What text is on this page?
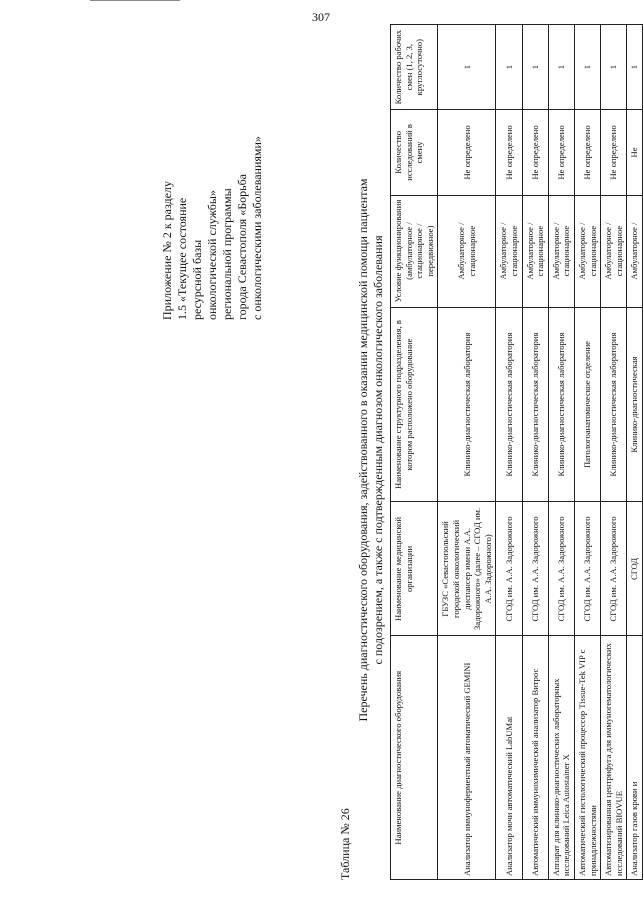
307
Приложение № 2 к разделу 1.5 «Текущее состояние ресурсной базы онкологической службы» региональной программы города Севастополя «Борьба с онкологическими заболеваниями»
Таблица № 26
Перечень диагностического оборудования, задействованного в оказании медицинской помощи пациентам с подозрением, а также с подтвержденным диагнозом онкологического заболевания
Наименование диагностического оборудования	Наименование медицинской организации	Наименование структурного подразделения, в котором расположено оборудование	Условие функционирования (амбулаторное / стационарное / передвижное)	Количество исследований в смену	Количество рабочих смен (1, 2, 3, круглосуточно)
Анализатор иммуноферментный автоматический GEMINI	ГБУЗС «Севастопольский городской онкологический диспансер имени А.А. Задорожного» (далее – СГОД им. А.А. Задорожного)	Клинико-диагностическая лаборатория	Амбулаторное / стационарное	Не определено	1
Анализатор мочи автоматический LabUMat	СГОД им. А.А. Задорожного	Клинико-диагностическая лаборатория	Амбулаторное / стационарное	Не определено	1
Автоматический иммунохимический анализатор Витрос	СГОД им. А.А. Задорожного	Клинико-диагностическая лаборатория	Амбулаторное / стационарное	Не определено	1
Аппарат для клинико-диагностических лабораторных исследований Leica Autostainer X	СГОД им. А.А. Задорожного	Клинико-диагностическая лаборатория	Амбулаторное / стационарное	Не определено	1
Автоматический гистологический процессор Tissue-Tek VIP с принадлежностями	СГОД им. А.А. Задорожного	Патологоанатомическое отделение	Амбулаторное / стационарное	Не определено	1
Автоматизированная центрифуга для иммуногематологических исследований BIOVUE	СГОД им. А.А. Задорожного	Клинико-диагностическая лаборатория	Амбулаторное / стационарное	Не определено	1
Анализатор газов крови и	СГОД	Клинико-диагностическая	Амбулаторное /	Не	1
